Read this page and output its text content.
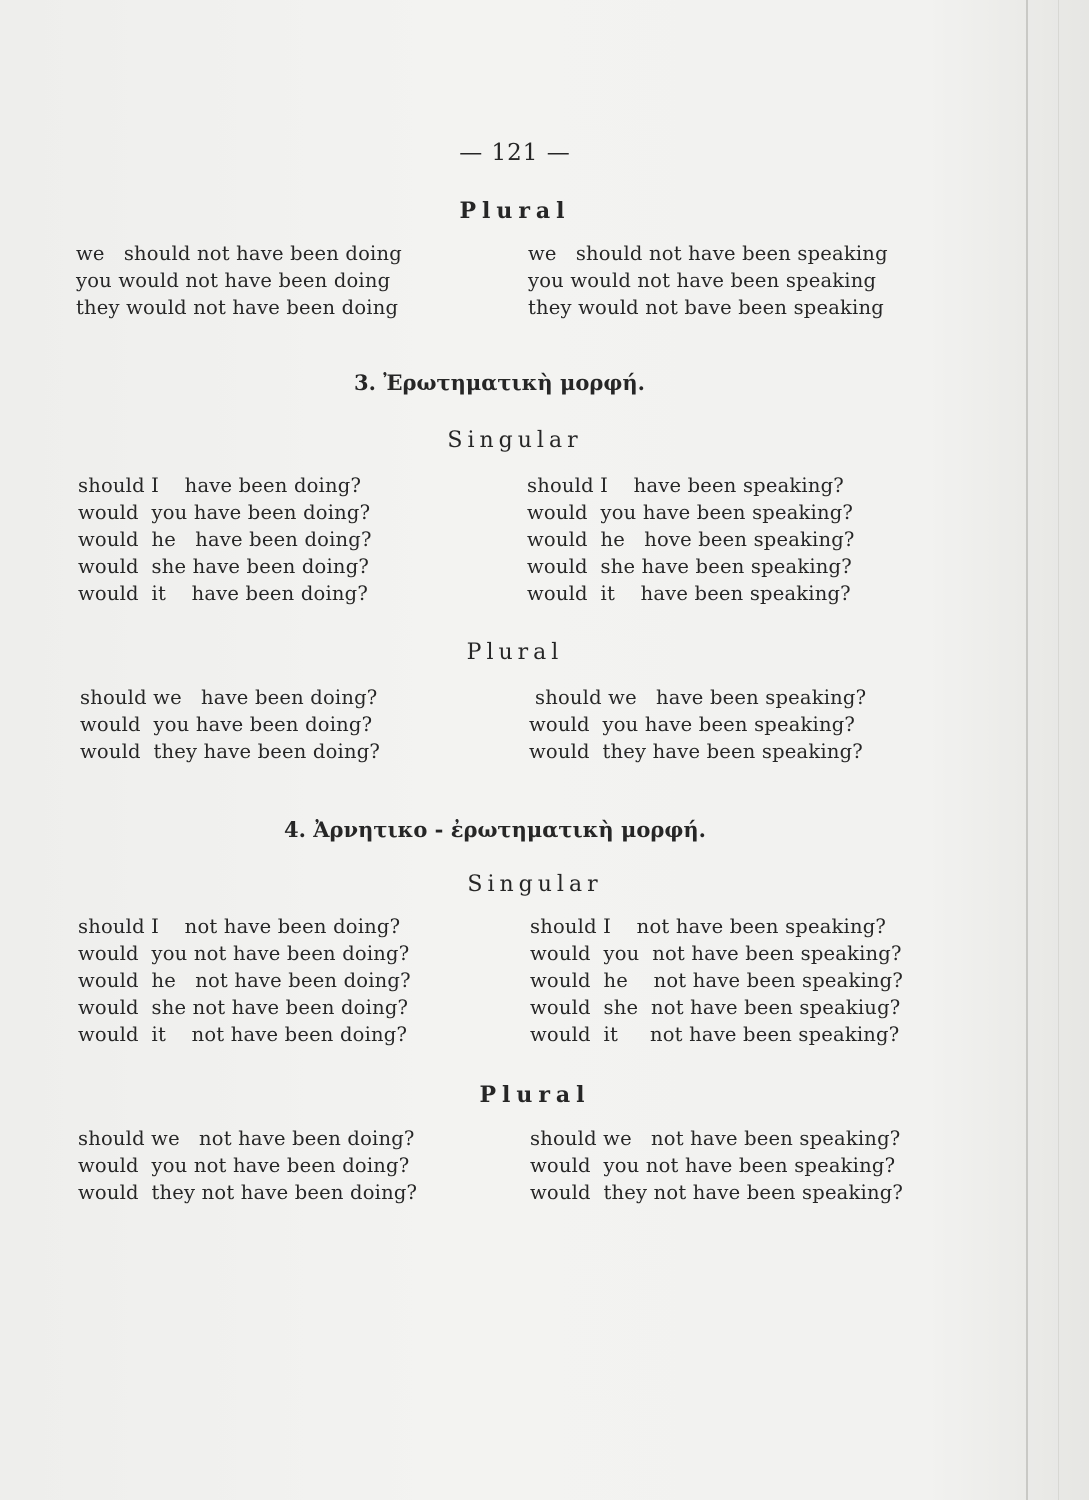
— 121 —
Plural
we   should not have been doing	we   should not have been speaking
you would not have been doing	you would not have been speaking
they would not have been doing	they would not bave been speaking
3. Ἐρωτηματικὴ μορφή.
Singular
should I    have been doing?	should I    have been speaking?
would  you have been doing?	would  you have been speaking?
would  he   have been doing?	would  he   hove been speaking?
would  she have been doing?	would  she have been speaking?
would  it    have been doing?	would  it    have been speaking?
Plural
should we   have been doing?	should we   have been speaking?
would  you have been doing?	would  you have been speaking?
would  they have been doing?	would  they have been speaking?
4. Ἀρνητικο - ἐρωτηματικὴ μορφή.
Singular
should I    not have been doing?	should I    not have been speaking?
would  you not have been doing?	would  you  not have been speaking?
would  he   not have been doing?	would  he    not have been speaking?
would  she not have been doing?	would  she  not have been speakiug?
would  it    not have been doing?	would  it     not have been speaking?
Plural
should we   not have been doing?	should we   not have been speaking?
would  you not have been doing?	would  you not have been speaking?
would  they not have been doing?	would  they not have been speaking?
